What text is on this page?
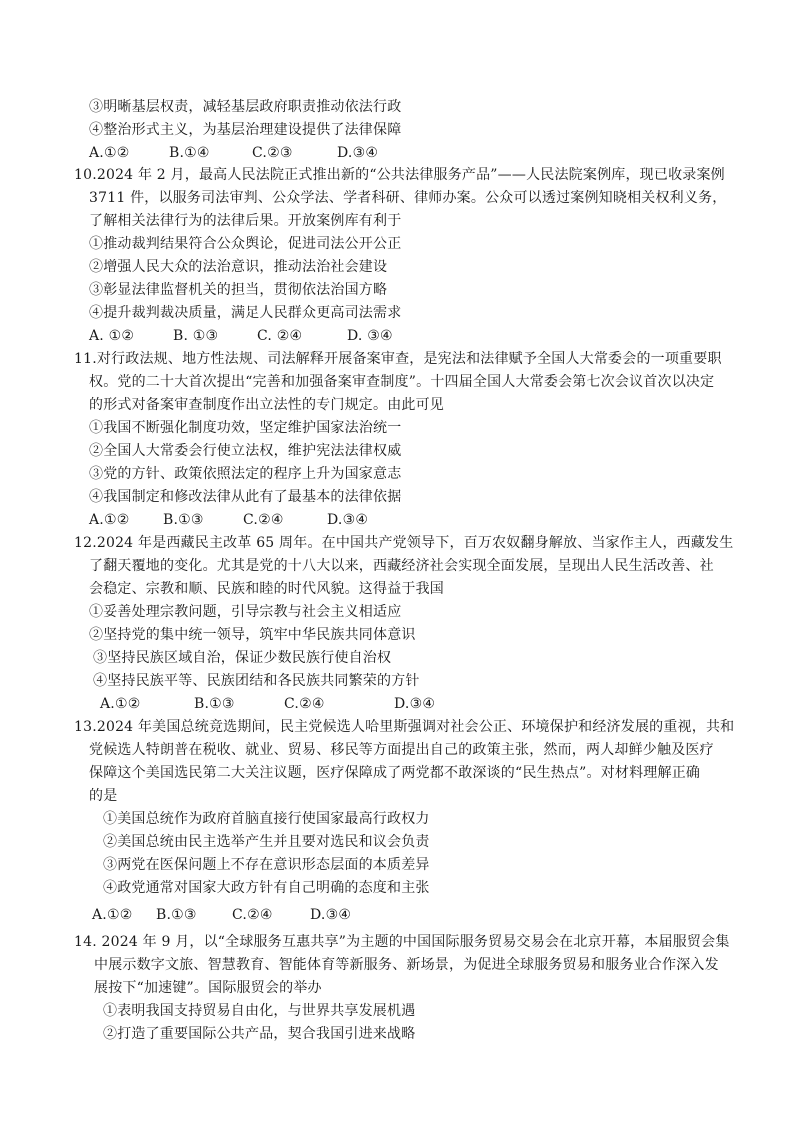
③明晰基层权责，减轻基层政府职责推动依法行政
④整治形式主义，为基层治理建设提供了法律保障
A.①②	B.①④	C.②③	D.③④
10.2024 年 2 月，最高人民法院正式推出新的“公共法律服务产品”——人民法院案例库，现已收录案例
3711 件，以服务司法审判、公众学法、学者科研、律师办案。公众可以透过案例知晓相关权利义务，
了解相关法律行为的法律后果。开放案例库有利于
①推动裁判结果符合公众舆论，促进司法公开公正
②增强人民大众的法治意识，推动法治社会建设
③彰显法律监督机关的担当，贯彻依法治国方略
④提升裁判裁决质量，满足人民群众更高司法需求
A. ①②	B. ①③	C. ②④	D. ③④
11.对行政法规、地方性法规、司法解释开展备案审查，是宪法和法律赋予全国人大常委会的一项重要职
权。党的二十大首次提出“完善和加强备案审查制度”。十四届全国人大常委会第七次会议首次以决定
的形式对备案审查制度作出立法性的专门规定。由此可见
①我国不断强化制度功效，坚定维护国家法治统一
②全国人大常委会行使立法权，维护宪法法律权威
③党的方针、政策依照法定的程序上升为国家意志
④我国制定和修改法律从此有了最基本的法律依据
A.①② B.①③	C.②④	D.③④
12.2024 年是西藏民主改革 65 周年。在中国共产党领导下，百万农奴翻身解放、当家作主人，西藏发生
了翻天覆地的变化。尤其是党的十八大以来，西藏经济社会实现全面发展，呈现出人民生活改善、社
会稳定、宗教和顺、民族和睦的时代风貌。这得益于我国
①妥善处理宗教问题，引导宗教与社会主义相适应
②坚持党的集中统一领导，筑牢中华民族共同体意识
③坚持民族区域自治，保证少数民族行使自治权
④坚持民族平等、民族团结和各民族共同繁荣的方针
A.①②	B.①③	C.②④	D.③④
13.2024 年美国总统竞选期间，民主党候选人哈里斯强调对社会公正、环境保护和经济发展的重视，共和
党候选人特朗普在税收、就业、贸易、移民等方面提出自己的政策主张，然而，两人却鲜少触及医疗
保障这个美国选民第二大关注议题，医疗保障成了两党都不敢深谈的“民生热点”。对材料理解正确
的是
①美国总统作为政府首脑直接行使国家最高行政权力
②美国总统由民主选举产生并且要对选民和议会负责
③两党在医保问题上不存在意识形态层面的本质差异
④政党通常对国家大政方针有自己明确的态度和主张
A.①② B.①③	C.②④	D.③④
14. 2024 年 9 月，以“全球服务互惠共享”为主题的中国国际服务贸易交易会在北京开幕，本届服贸会集
中展示数字文旅、智慧教育、智能体育等新服务、新场景，为促进全球服务贸易和服务业合作深入发
展按下“加速键”。国际服贸会的举办
①表明我国支持贸易自由化，与世界共享发展机遇
②打造了重要国际公共产品，契合我国引进来战略
